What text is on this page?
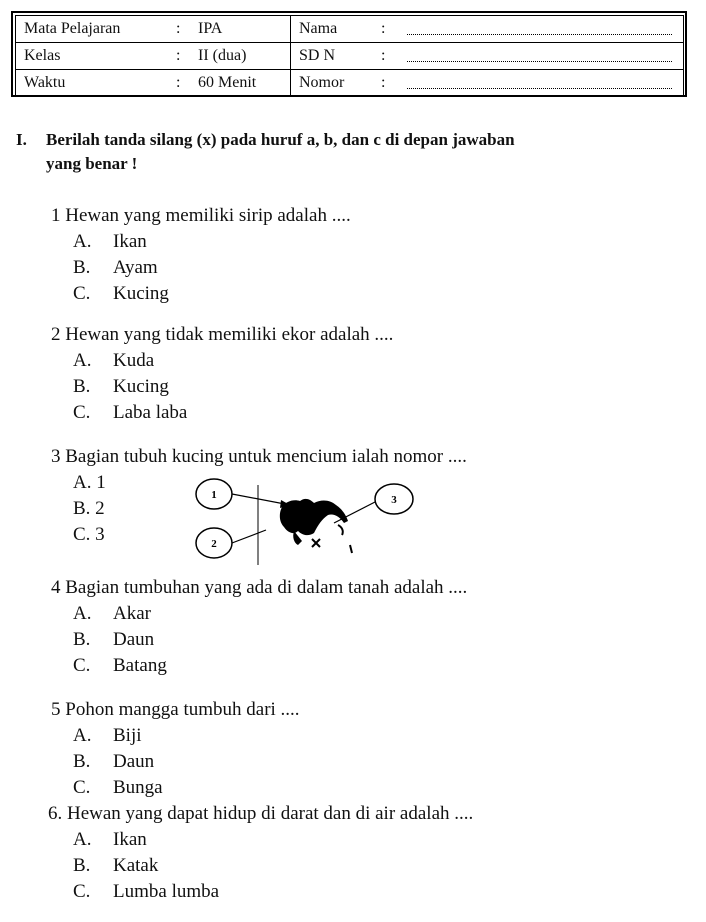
Mata Pelajaran : IPA	Nama :
Kelas : II (dua)	SD N :
Waktu : 60 Menit	Nomor :
I. Berilah tanda silang (x) pada huruf a, b, dan c di depan jawaban
yang benar !
1 Hewan yang memiliki sirip adalah ....
A. Ikan
B. Ayam
C. Kucing
2 Hewan yang tidak memiliki ekor adalah ....
A. Kuda
B. Kucing
C. Laba laba
3 Bagian tubuh kucing untuk mencium ialah nomor ....
A. 1
B. 2
C. 3
1
2
3
4 Bagian tumbuhan yang ada di dalam tanah adalah ....
A. Akar
B. Daun
C. Batang
5 Pohon mangga tumbuh dari ....
A. Biji
B. Daun
C. Bunga
6. Hewan yang dapat hidup di darat dan di air adalah ....
A. Ikan
B. Katak
C. Lumba lumba
